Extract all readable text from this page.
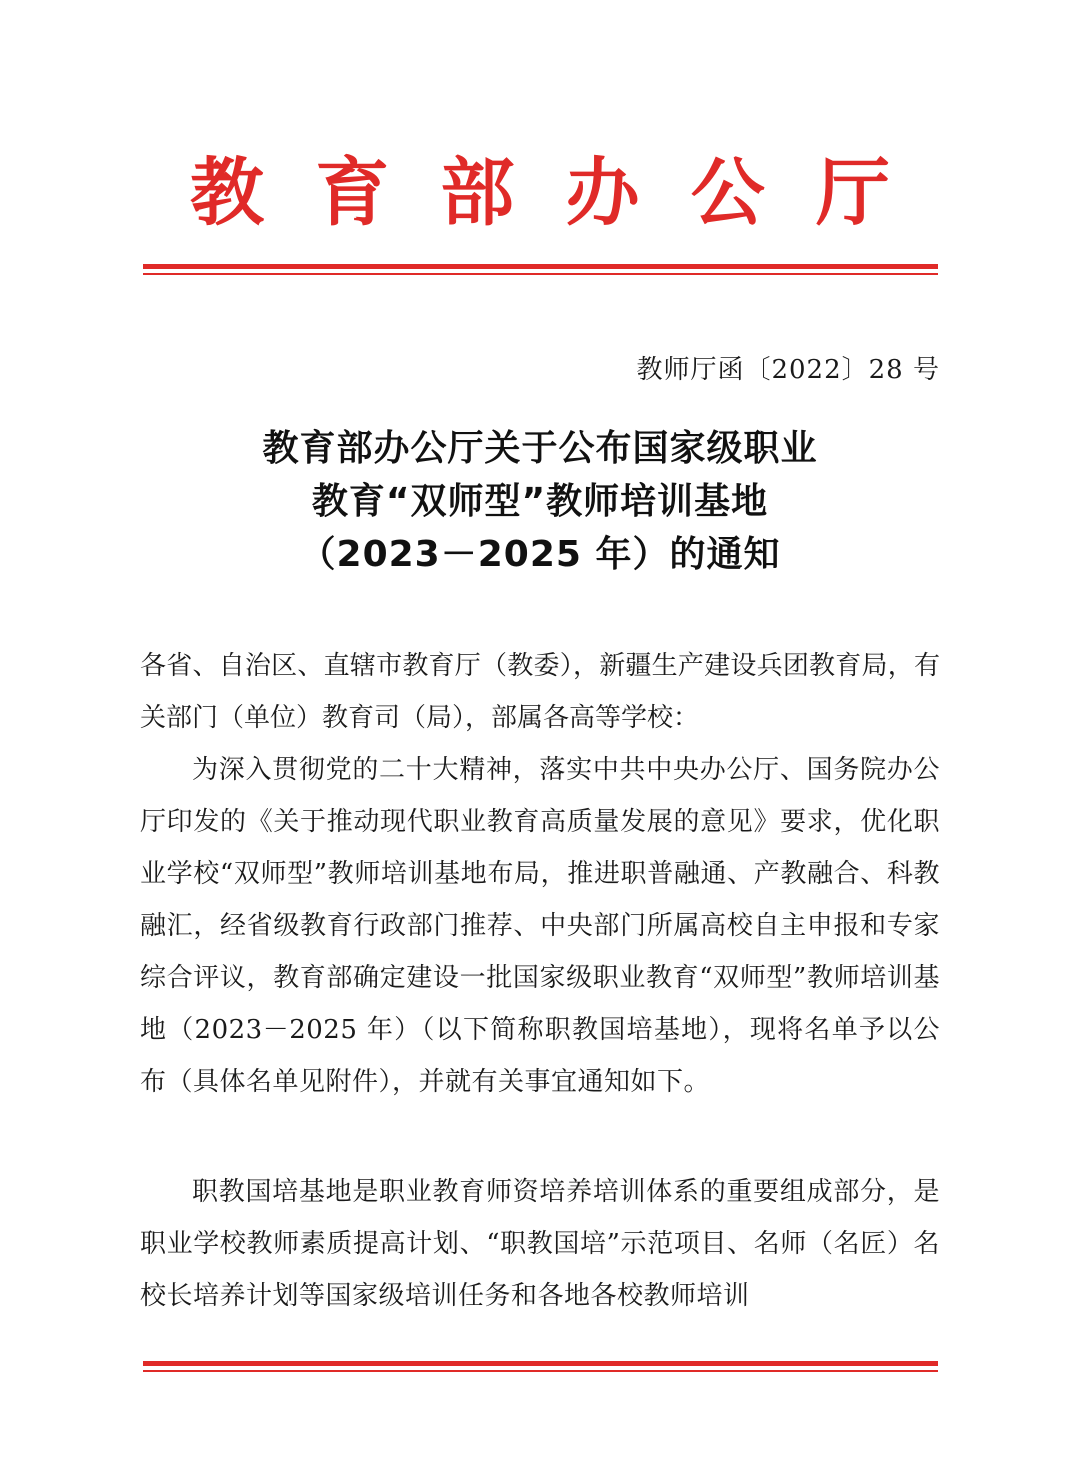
教 育 部 办 公 厅
教师厅函〔2022〕28 号
教育部办公厅关于公布国家级职业
教育“双师型”教师培训基地
（2023－2025 年）的通知

各省、自治区、直辖市教育厅（教委），新疆生产建设兵团教育局，有关部门（单位）教育司（局），部属各高等学校：

为深入贯彻党的二十大精神，落实中共中央办公厅、国务院办公厅印发的《关于推动现代职业教育高质量发展的意见》要求，优化职业学校“双师型”教师培训基地布局，推进职普融通、产教融合、科教融汇，经省级教育行政部门推荐、中央部门所属高校自主申报和专家综合评议，教育部确定建设一批国家级职业教育“双师型”教师培训基地（2023－2025 年）（以下简称职教国培基地），现将名单予以公布（具体名单见附件），并就有关事宜通知如下。

职教国培基地是职业教育师资培养培训体系的重要组成部分，是职业学校教师素质提高计划、“职教国培”示范项目、名师（名匠）名校长培养计划等国家级培训任务和各地各校教师培训
